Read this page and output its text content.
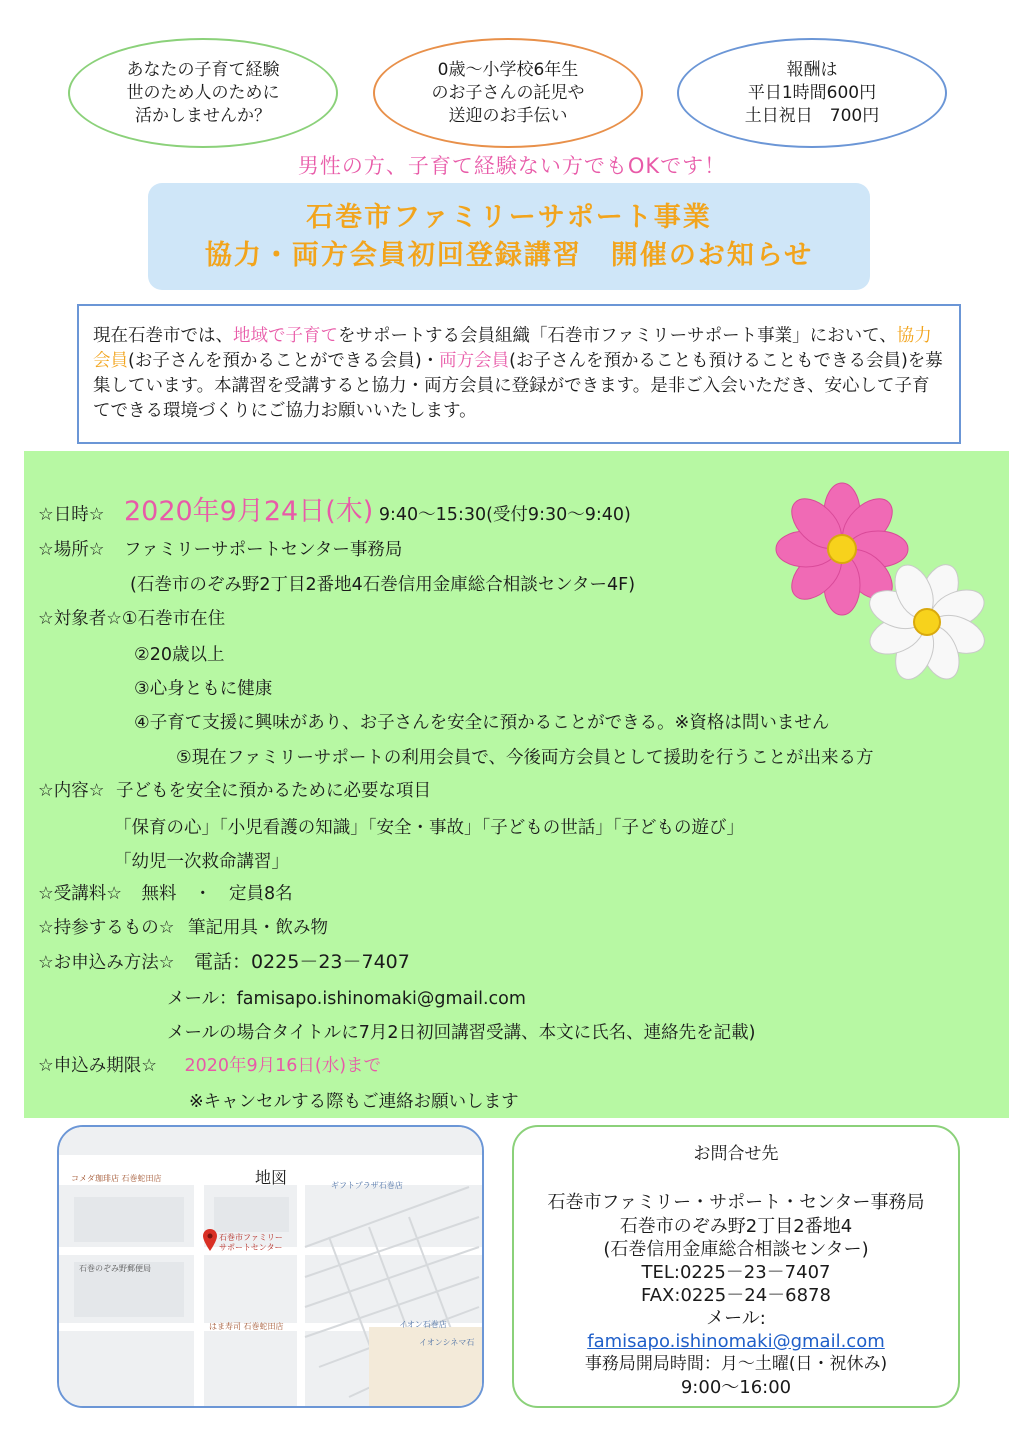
あなたの子育て経験
世のため人のために
活かしませんか？
0歳～小学校6年生
のお子さんの託児や
送迎のお手伝い
報酬は
平日1時間600円
土日祝日　700円
男性の方、子育て経験ない方でもOKです！
石巻市ファミリーサポート事業
協力・両方会員初回登録講習　開催のお知らせ
現在石巻市では、地域で子育てをサポートする会員組織「石巻市ファミリーサポート事業」において、協力会員(お子さんを預かることができる会員)・両方会員(お子さんを預かることも預けることもできる会員)を募集しています。本講習を受講すると協力・両方会員に登録ができます。是非ご入会いただき、安心して子育てできる環境づくりにご協力お願いいたします。
☆日時☆ 2020年9月24日(木) 9:40～15:30(受付9:30～9:40)
☆場所☆ ファミリーサポートセンター事務局
(石巻市のぞみ野2丁目2番地4石巻信用金庫総合相談センター4F)
☆対象者☆①石巻市在住
②20歳以上
③心身ともに健康
④子育て支援に興味があり、お子さんを安全に預かることができる。※資格は問いません
⑤現在ファミリーサポートの利用会員で、今後両方会員として援助を行うことが出来る方
☆内容☆ 子どもを安全に預かるために必要な項目
「保育の心」「小児看護の知識」「安全・事故」「子どもの世話」「子どもの遊び」
「幼児一次救命講習」
☆受講料☆ 無料　・　定員8名
☆持参するもの☆ 筆記用具・飲み物
☆お申込み方法☆ 電話：0225－23－7407
メール：famisapo.ishinomaki@gmail.com
メールの場合タイトルに7月2日初回講習受講、本文に氏名、連絡先を記載)
☆申込み期限☆ 2020年9月16日(水)まで
※キャンセルする際もご連絡お願いします
地図
コメダ珈琲店 石巻蛇田店
ギフトプラザ石巻店
石巻市ファミリー
サポートセンター
石巻のぞみ野郵便局
はま寿司 石巻蛇田店	イオン石巻店
イオンシネマ石
お問合せ先
石巻市ファミリー・サポート・センター事務局
石巻市のぞみ野2丁目2番地4
(石巻信用金庫総合相談センター)
TEL:0225－23－7407
FAX:0225－24－6878
メール:
famisapo.ishinomaki@gmail.com
事務局開局時間：月～土曜(日・祝休み)
9:00～16:00
